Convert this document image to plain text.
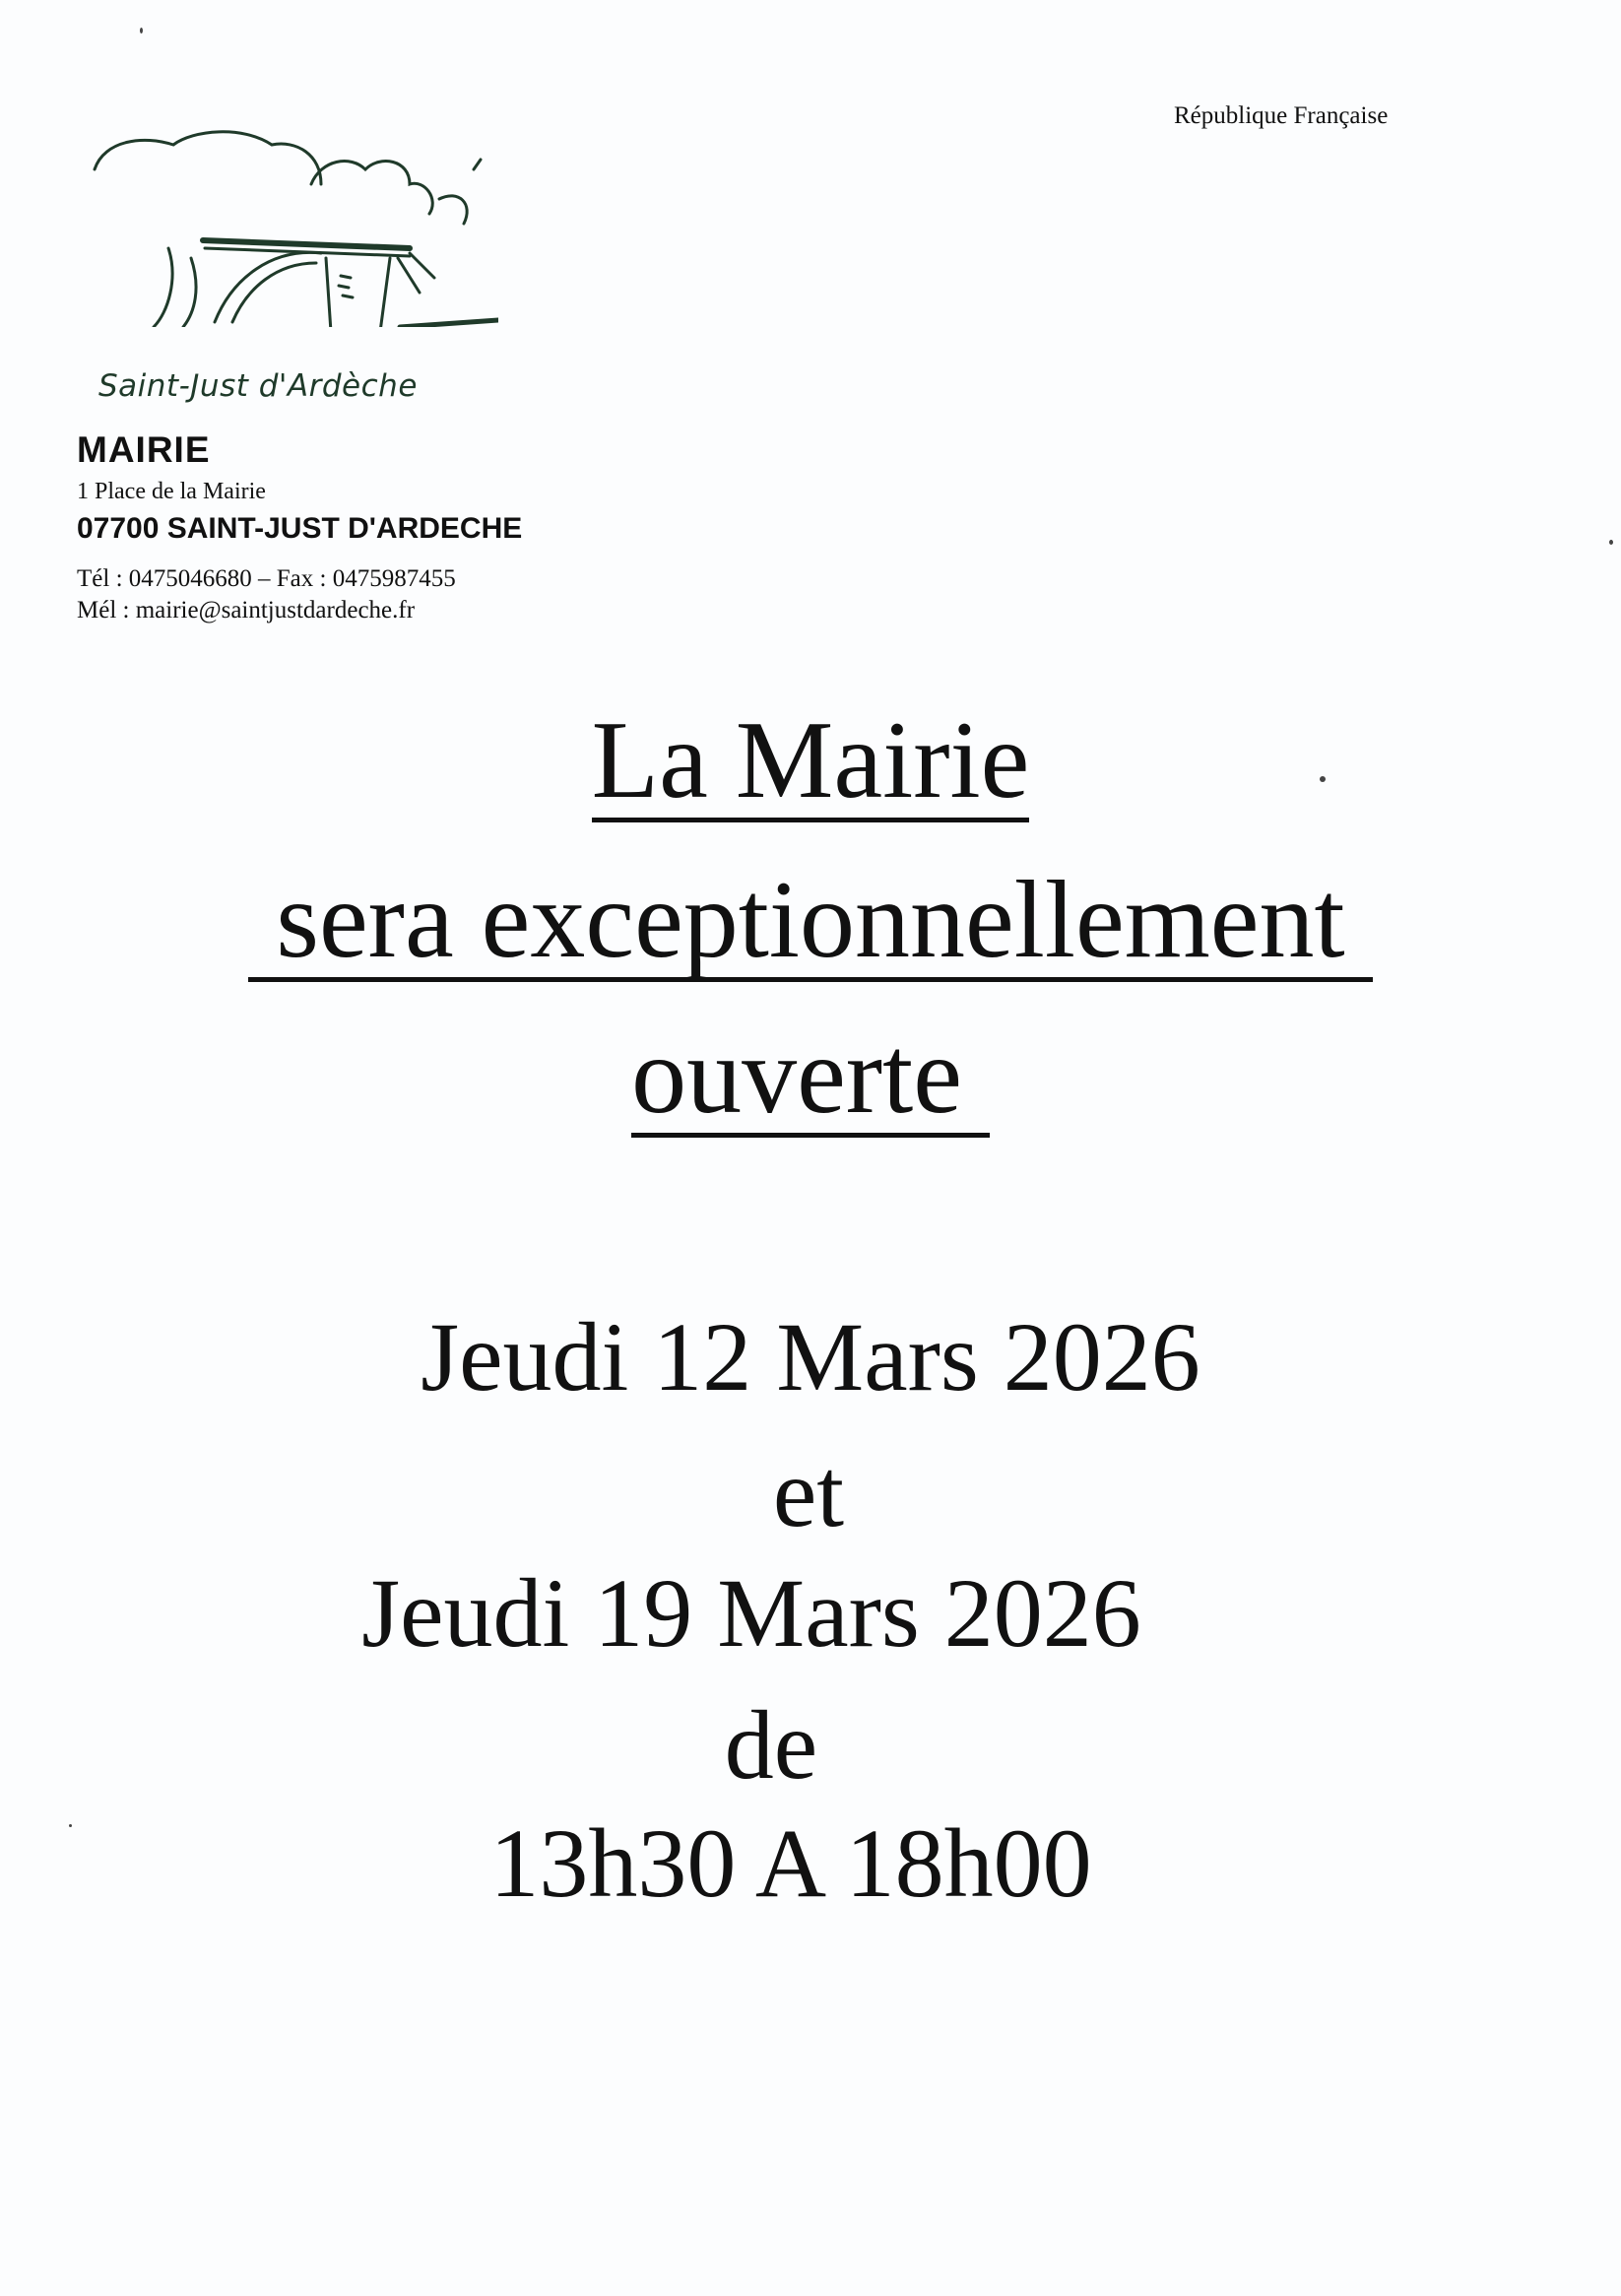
République Française
Saint-Just d'Ardèche
MAIRIE
1 Place de la Mairie
07700 SAINT-JUST D'ARDECHE
Tél : 0475046680 – Fax : 0475987455
Mél : mairie@saintjustdardeche.fr
La Mairie
sera exceptionnellement
ouverte
Jeudi 12 Mars 2026
et
Jeudi 19 Mars 2026
de
13h30 A 18h00
